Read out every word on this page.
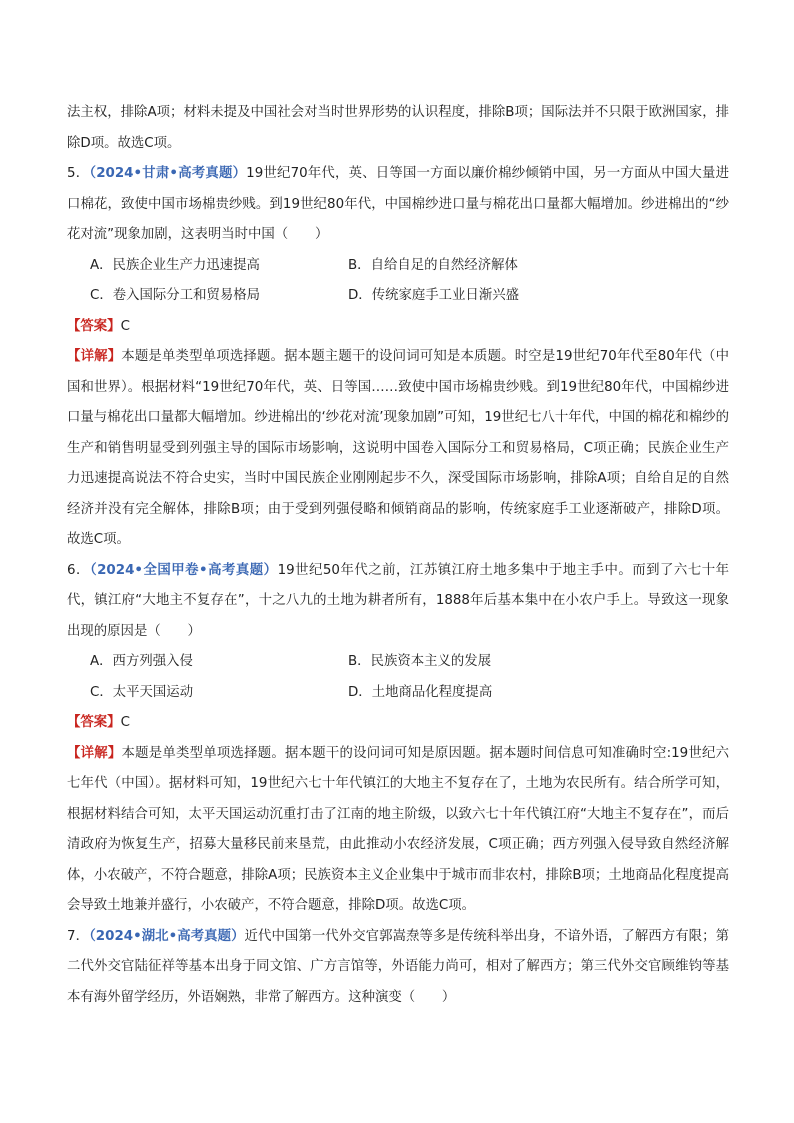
法主权，排除A项；材料未提及中国社会对当时世界形势的认识程度，排除B项；国际法并不只限于欧洲国家，排除D项。故选C项。

5．（2024•甘肃•高考真题）19世纪70年代，英、日等国一方面以廉价棉纱倾销中国，另一方面从中国大量进口棉花，致使中国市场棉贵纱贱。到19世纪80年代，中国棉纱进口量与棉花出口量都大幅增加。纱进棉出的“纱花对流”现象加剧，这表明当时中国（　　）

A．民族企业生产力迅速提高	B．自给自足的自然经济解体
C．卷入国际分工和贸易格局	D．传统家庭手工业日渐兴盛

【答案】C

【详解】本题是单类型单项选择题。据本题主题干的设问词可知是本质题。时空是19世纪70年代至80年代（中国和世界）。根据材料“19世纪70年代，英、日等国……致使中国市场棉贵纱贱。到19世纪80年代，中国棉纱进口量与棉花出口量都大幅增加。纱进棉出的‘纱花对流’现象加剧”可知，19世纪七八十年代，中国的棉花和棉纱的生产和销售明显受到列强主导的国际市场影响，这说明中国卷入国际分工和贸易格局，C项正确；民族企业生产力迅速提高说法不符合史实，当时中国民族企业刚刚起步不久，深受国际市场影响，排除A项；自给自足的自然经济并没有完全解体，排除B项；由于受到列强侵略和倾销商品的影响，传统家庭手工业逐渐破产，排除D项。故选C项。

6．（2024•全国甲卷•高考真题）19世纪50年代之前，江苏镇江府土地多集中于地主手中。而到了六七十年代，镇江府“大地主不复存在”，十之八九的土地为耕者所有，1888年后基本集中在小农户手上。导致这一现象出现的原因是（　　）

A．西方列强入侵	B．民族资本主义的发展
C．太平天国运动	D．土地商品化程度提高

【答案】C

【详解】本题是单类型单项选择题。据本题干的设问词可知是原因题。据本题时间信息可知准确时空:19世纪六七年代（中国）。据材料可知，19世纪六七十年代镇江的大地主不复存在了，土地为农民所有。结合所学可知，根据材料结合可知，太平天国运动沉重打击了江南的地主阶级，以致六七十年代镇江府“大地主不复存在”，而后清政府为恢复生产，招募大量移民前来垦荒，由此推动小农经济发展，C项正确；西方列强入侵导致自然经济解体，小农破产，不符合题意，排除A项；民族资本主义企业集中于城市而非农村，排除B项；土地商品化程度提高会导致土地兼并盛行，小农破产，不符合题意，排除D项。故选C项。

7．（2024•湖北•高考真题）近代中国第一代外交官郭嵩焘等多是传统科举出身，不谙外语，了解西方有限；第二代外交官陆征祥等基本出身于同文馆、广方言馆等，外语能力尚可，相对了解西方；第三代外交官顾维钧等基本有海外留学经历，外语娴熟，非常了解西方。这种演变（　　）
